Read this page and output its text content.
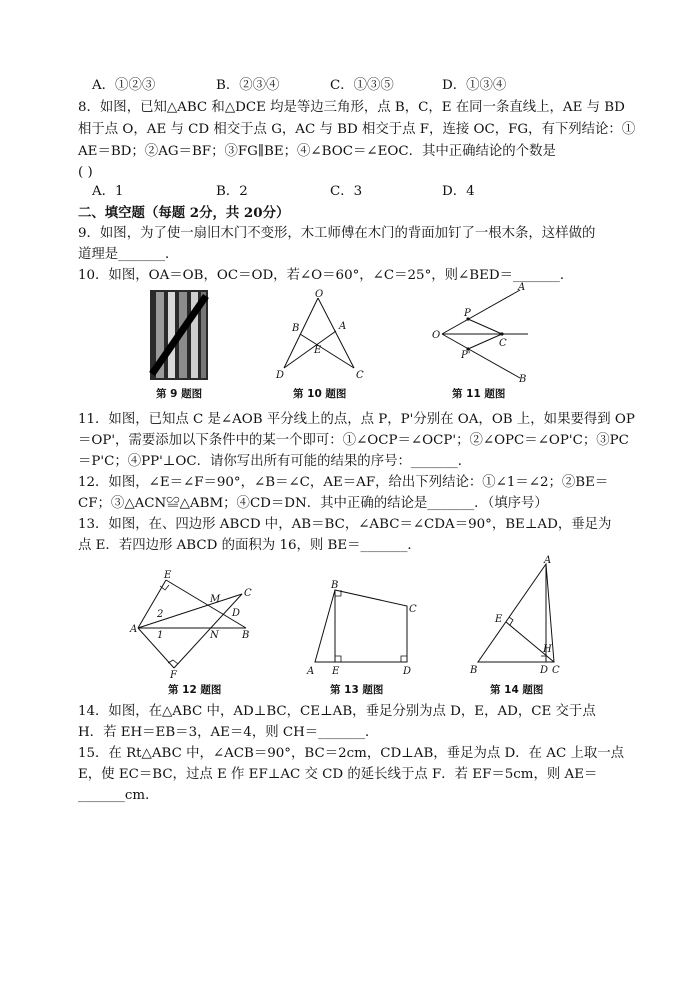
A．①②③	B．②③④	C．①③⑤	D．①③④
8．如图，已知△ABC 和△DCE 均是等边三角形，点 B，C，E 在同一条直线上，AE 与 BD
相于点 O，AE 与 CD 相交于点 G，AC 与 BD 相交于点 F，连接 OC，FG，有下列结论：①
AE＝BD；②AG＝BF；③FG∥BE；④∠BOC＝∠EOC．其中正确结论的个数是
( )
A．1	B．2	C．3	D．4
二、填空题（每题 2分，共 20分）
9．如图，为了使一扇旧木门不变形，木工师傅在木门的背面加钉了一根木条，这样做的
道理是_______．
10．如图，OA＝OB，OC＝OD，若∠O＝60°，∠C＝25°，则∠BED＝_______．
第 9 题图
O
B	A
E
D	C
第 10 题图
A
P
O
C
P'
B
第 11 题图
11．如图，已知点 C 是∠AOB 平分线上的点，点 P，P'分别在 OA，OB 上，如果要得到 OP
＝OP'，需要添加以下条件中的某一个即可：①∠OCP＝∠OCP'；②∠OPC＝∠OP'C；③PC
＝P'C；④PP'⊥OC．请你写出所有可能的结果的序号：_______．
12．如图，∠E＝∠F＝90°，∠B＝∠C，AE＝AF，给出下列结论：①∠1＝∠2；②BE＝
CF；③△ACN≌△ABM；④CD＝DN．其中正确的结论是_______．（填序号）
13．如图，在、四边形 ABCD 中，AB＝BC，∠ABC＝∠CDA＝90°，BE⊥AD，垂足为
点 E．若四边形 ABCD 的面积为 16，则 BE＝_______．
E
M
C
2	D
A
1	N B
F
第 12 题图
B
C
A E	D
第 13 题图
A
E
H
B	D C
第 14 题图
14．如图，在△ABC 中，AD⊥BC，CE⊥AB，垂足分别为点 D，E，AD，CE 交于点
H．若 EH＝EB＝3，AE＝4，则 CH＝_______．
15．在 Rt△ABC 中，∠ACB＝90°，BC＝2cm，CD⊥AB，垂足为点 D．在 AC 上取一点
E，使 EC＝BC，过点 E 作 EF⊥AC 交 CD 的延长线于点 F．若 EF＝5cm，则 AE＝
_______cm．
